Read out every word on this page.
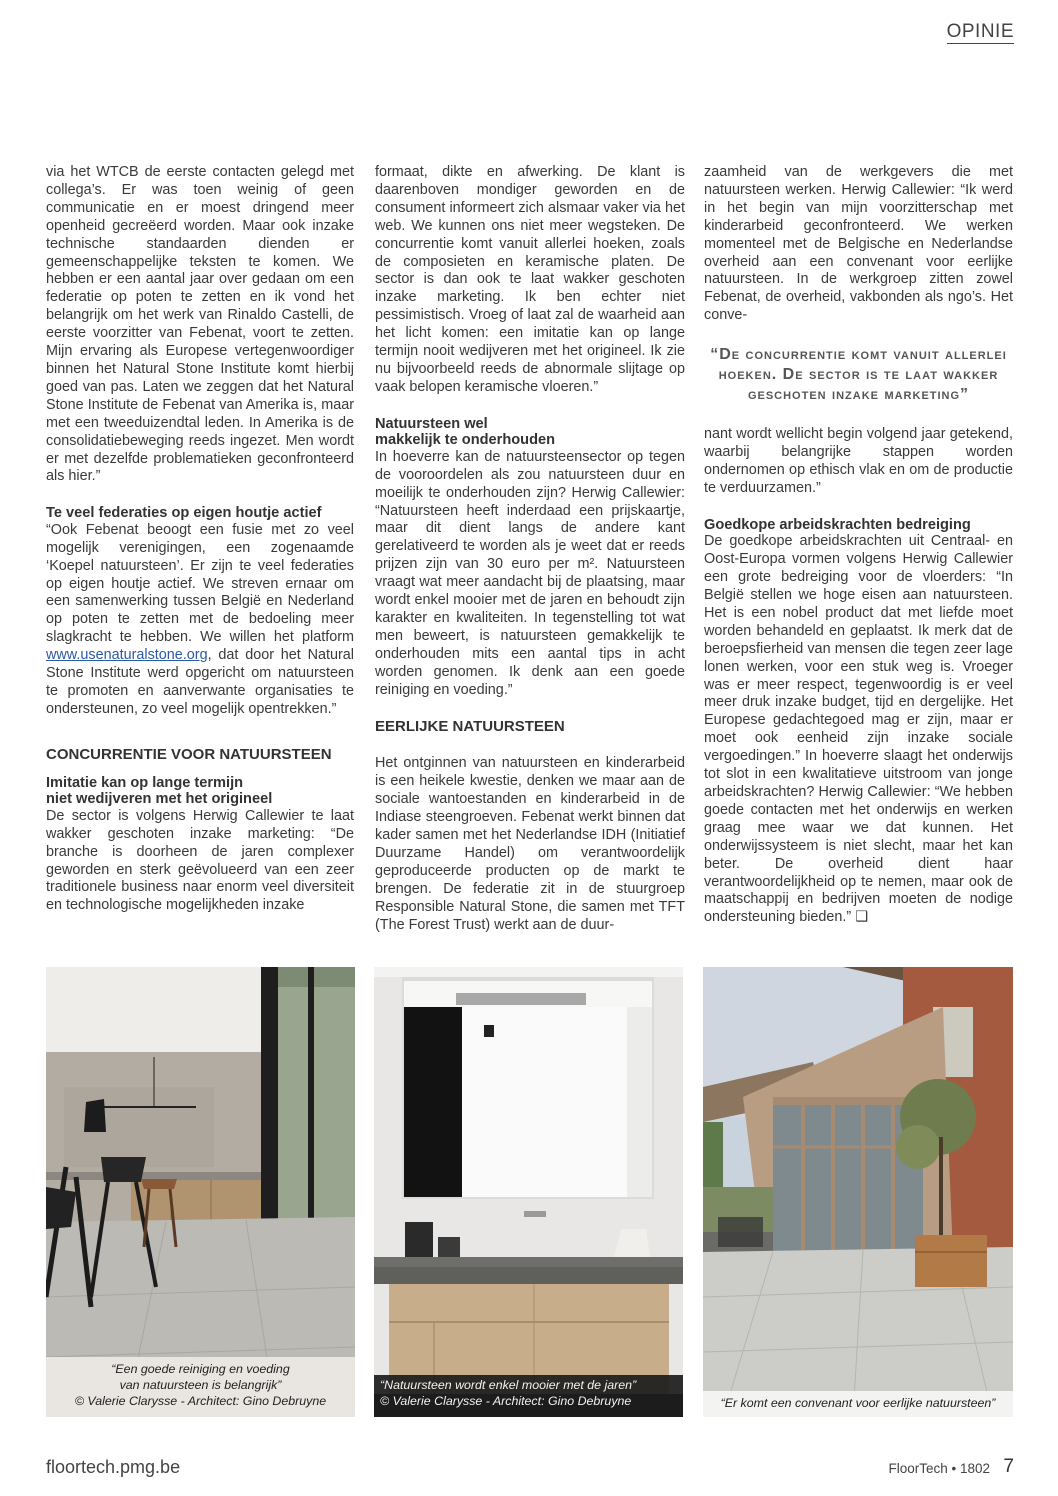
OPINIE

via het WTCB de eerste contacten gelegd met collega’s. Er was toen weinig of geen communicatie en er moest dringend meer openheid gecreëerd worden. Maar ook inzake technische standaarden dienden er gemeenschappelijke teksten te komen. We hebben er een aantal jaar over gedaan om een federatie op poten te zetten en ik vond het belangrijk om het werk van Rinaldo Castelli, de eerste voorzitter van Febenat, voort te zetten. Mijn ervaring als Europese vertegenwoordiger binnen het Natural Stone Institute komt hierbij goed van pas. Laten we zeggen dat het Natural Stone Institute de Febenat van Amerika is, maar met een tweeduizendtal leden. In Amerika is de consolidatiebeweging reeds ingezet. Men wordt er met dezelfde problematieken geconfronteerd als hier.”

Te veel federaties op eigen houtje actief

“Ook Febenat beoogt een fusie met zo veel mogelijk verenigingen, een zogenaamde ‘Koepel natuursteen’. Er zijn te veel federaties op eigen houtje actief. We streven ernaar om een samenwerking tussen België en Nederland op poten te zetten met de bedoeling meer slagkracht te hebben. We willen het platform www.usenaturalstone.org, dat door het Natural Stone Institute werd opgericht om natuursteen te promoten en aanverwante organisaties te ondersteunen, zo veel mogelijk opentrekken.”

CONCURRENTIE VOOR NATUURSTEEN
Imitatie kan op lange termijn
niet wedijveren met het origineel

De sector is volgens Herwig Callewier te laat wakker geschoten inzake marketing: “De branche is doorheen de jaren complexer geworden en sterk geëvolueerd van een zeer traditionele business naar enorm veel diversiteit en technologische mogelijkheden inzake

formaat, dikte en afwerking. De klant is daarenboven mondiger geworden en de consument informeert zich alsmaar vaker via het web. We kunnen ons niet meer wegsteken. De concurrentie komt vanuit allerlei hoeken, zoals de composieten en keramische platen. De sector is dan ook te laat wakker geschoten inzake marketing. Ik ben echter niet pessimistisch. Vroeg of laat zal de waarheid aan het licht komen: een imitatie kan op lange termijn nooit wedijveren met het origineel. Ik zie nu bijvoorbeeld reeds de abnormale slijtage op vaak belopen keramische vloeren.”

Natuursteen wel
makkelijk te onderhouden

In hoeverre kan de natuursteensector op tegen de vooroordelen als zou natuursteen duur en moeilijk te onderhouden zijn? Herwig Callewier: “Natuursteen heeft inderdaad een prijskaartje, maar dit dient langs de andere kant gerelativeerd te worden als je weet dat er reeds prijzen zijn van 30 euro per m². Natuursteen vraagt wat meer aandacht bij de plaatsing, maar wordt enkel mooier met de jaren en behoudt zijn karakter en kwaliteiten. In tegenstelling tot wat men beweert, is natuursteen gemakkelijk te onderhouden mits een aantal tips in acht worden genomen. Ik denk aan een goede reiniging en voeding.”

EERLIJKE NATUURSTEEN

Het ontginnen van natuursteen en kinderarbeid is een heikele kwestie, denken we maar aan de sociale wantoestanden en kinderarbeid in de Indiase steengroeven. Febenat werkt binnen dat kader samen met het Nederlandse IDH (Initiatief Duurzame Handel) om verantwoordelijk geproduceerde producten op de markt te brengen. De federatie zit in de stuurgroep Responsible Natural Stone, die samen met TFT (The Forest Trust) werkt aan de duur-

zaamheid van de werkgevers die met natuursteen werken. Herwig Callewier: “Ik werd in het begin van mijn voorzitterschap met kinderarbeid geconfronteerd. We werken momenteel met de Belgische en Nederlandse overheid aan een convenant voor eerlijke natuursteen. In de werkgroep zitten zowel Febenat, de overheid, vakbonden als ngo’s. Het conve-

“De concurrentie komt vanuit allerlei hoeken. De sector is te laat wakker geschoten inzake marketing”

nant wordt wellicht begin volgend jaar getekend, waarbij belangrijke stappen worden ondernomen op ethisch vlak en om de productie te verduurzamen.”

Goedkope arbeidskrachten bedreiging

De goedkope arbeidskrachten uit Centraal- en Oost-Europa vormen volgens Herwig Callewier een grote bedreiging voor de vloerders: “In België stellen we hoge eisen aan natuursteen. Het is een nobel product dat met liefde moet worden behandeld en geplaatst. Ik merk dat de beroepsfierheid van mensen die tegen zeer lage lonen werken, voor een stuk weg is. Vroeger was er meer respect, tegenwoordig is er veel meer druk inzake budget, tijd en dergelijke. Het Europese gedachtegoed mag er zijn, maar er moet ook eenheid zijn inzake sociale vergoedingen.” In hoeverre slaagt het onderwijs tot slot in een kwalitatieve uitstroom van jonge arbeidskrachten? Herwig Callewier: “We hebben goede contacten met het onderwijs en werken graag mee waar we dat kunnen. Het onderwijssysteem is niet slecht, maar het kan beter. De overheid dient haar verantwoordelijkheid op te nemen, maar ook de maatschappij en bedrijven moeten de nodige ondersteuning bieden.” ❑

“Een goede reiniging en voeding
van natuursteen is belangrijk”
© Valerie Clarysse - Architect: Gino Debruyne
“Natuursteen wordt enkel mooier met de jaren”
© Valerie Clarysse - Architect: Gino Debruyne	“Er komt een convenant voor eerlijke natuursteen”
floortech.pmg.be	FloorTech • 1802 7
